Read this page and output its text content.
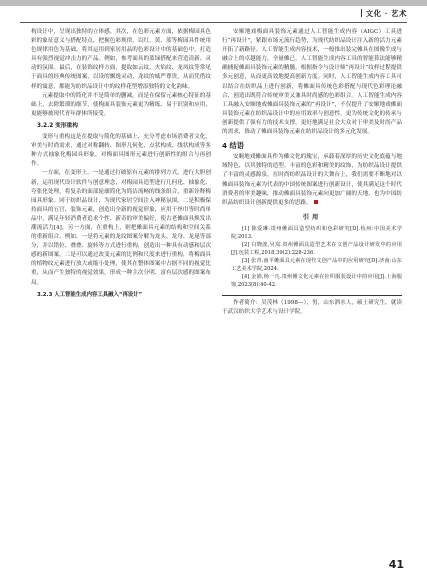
文化 · 艺术

构设计中，呈现出独特的立体感。其次，在色彩元素方面，依据梅园具色彩的象征意义与搭配特点，把握色彩规律，以红、黄、蓝等梅园具件统用色规律用色为基础，将其运用到家居用品的色彩设计中的基础色中，打造具有强烈视觉冲击力的产品。例如，参考面具的蓝绿搭配来营造清新、灵动的氛围。最后，在装饰纹样方面，提取如云纹、火焰纹、龙凤纹等常见于面具的经典传统图案，以设的飘逸灵动、龙纹的威严尊贵，从而凭借纹样的寓意，都能为纺织品设计中的纹样花型增添独特的文化韵味。

元素提取中的简化并不是简单的删减，而是在保留元素核心特征的基础上，去除繁琐的细节，使梅面具装饰元素更为精练、易于识别和应用，更能够被现代青年群体所接受。

3.2.2 变形重构

变形与重构这是在提取与简化的基础上，充分考虑市场消费者文化、审美与时尚需求，通过对称翻转、图形几何化、点状构成、线状构成等多种方式抽象化梅园具形象，对梅面具图形元素进行创新性的组合与再创作。

一方面，在变形上，一是通过打破原有元素的排列方式，进行大胆创新，运用现代设计软件与创意理念，对梅园具造型进行几何化、抽象化、夸张化处理，将复杂的面部轮廓简化为简洁流畅的线条组合，重新诠释梅园具形象。同于纺织品设计，为现代家居空间注入神秘氛围。二是积极保持面具的五官、装饰元素，创造出全新的视觉形象，应用于丝巾等时尚单品中，满足年轻消费者追求个性、新奇的审美偏好，使古老傩面具焕发出潮流活力[4]。另一方面，在重构上，则把傩面具元素的结构和空间关系的重新组合。例如，一是将元素的龙纹图案分解为龙头、龙身、龙尾等部分，并以错位、叠叠、旋转等方式进行重构，创造出一种具有动感和层次感的新图案。二是可以通过改变元素的比例和尺度来进行重构，将梅面具的植物纹元素进行放大或缩小处理，使其在整体图案中占据不同的视觉比重，从而产生独特的视觉效果，形成一种主次分明、富有层次感的图案布局。

3.2.3 人工智能生成内容工具融入“再设计”

安顺地戏梅面具装饰元素通过人工智能生成内容（AIGC）工具进行“再设计”，紧跟市场元流行趋势，为现代纺织品设计注入新的活力元素开拓了新路径。人工智能生成内容技术，一般推出装完傩具在图像生成与融合上的卓越能力，全量傩已，人工智能生成内容工具的智能算法能够精确捕捉傩面具装饰元素的精髓，根据指令与设计师“再设计”纹样过程提供多元创意，从而更高效地提高创新力度。同时，人工智能生成内容工具可以结合在纺织品上进行创新，将傩面具传统色彩搭配与现代色彩理论融合，创造出既符合传统审美又兼具时尚感的色彩组合。人工智能生成内容工具融入安顺地戏傩面具装饰元素的“再设计”，不仅提升了安顺地戏傩面具装饰元素在纺织品设计中的应用效率与创意性，更为传统文化的传承与创新提供了强有力的技术支撑，更好地满足社会大众对于审美及时尚产品的需求，推动了傩面具装饰元素在纺织品设计的多元化发展。

4 结语

安顺地戏傩面具作为傩文化的瑰宝，承载着深厚的历史文化底蕴与地域特色，以其独特的造型、丰富的色彩和精美的纹饰，为纺织品设计提供了丰富的灵感源泉。在时尚纺织品设计的大舞台上，我们需要不断地对以傩面具装饰元素为代表的中国传统图案进行创新设计，使其满足这个时代消费者的审美趣味，推动傩面具装饰元素向更加广阔的天地，也为中国纺织品纺织设计创新提供更多的思路。

引用

[1] 陈爱琳.贵州傩面具造型纺织和色彩研究[D].杭州:中国美术学院,2013.

[2] 白晓波,吴岚.贵州傩面具造型艺术在文创产品设计研发中的应用[J].包装工程,2018,39(2):228-236.

[3] 张青.南平傩面具元素在现代文创产品中的应用研究[D].济南:山东工艺美术学院,2024.

[4] 金娟,杨一凡.贵州傩文化元素在针织服装设计中的应用[J].上海服饰,2023(8):40-42.

作者简介：吴茂林（1998—），男，山东泗水人，硕士研究生。就读于武汉纺织大学艺术与设计学院。

41
